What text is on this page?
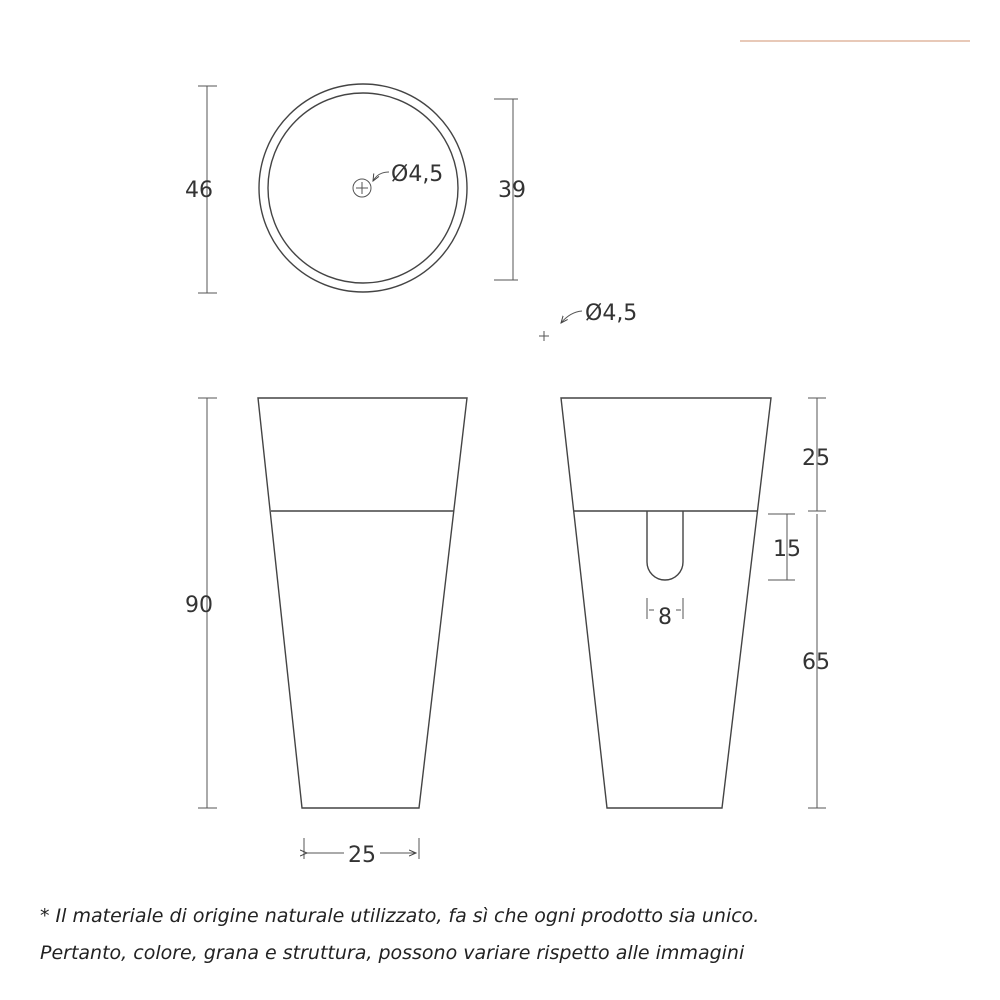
Ø4,5
46	39
Ø4,5
90
25
8
25
15
65
* Il materiale di origine naturale utilizzato, fa sì che ogni prodotto sia unico.
Pertanto, colore, grana e struttura, possono variare rispetto alle immagini
